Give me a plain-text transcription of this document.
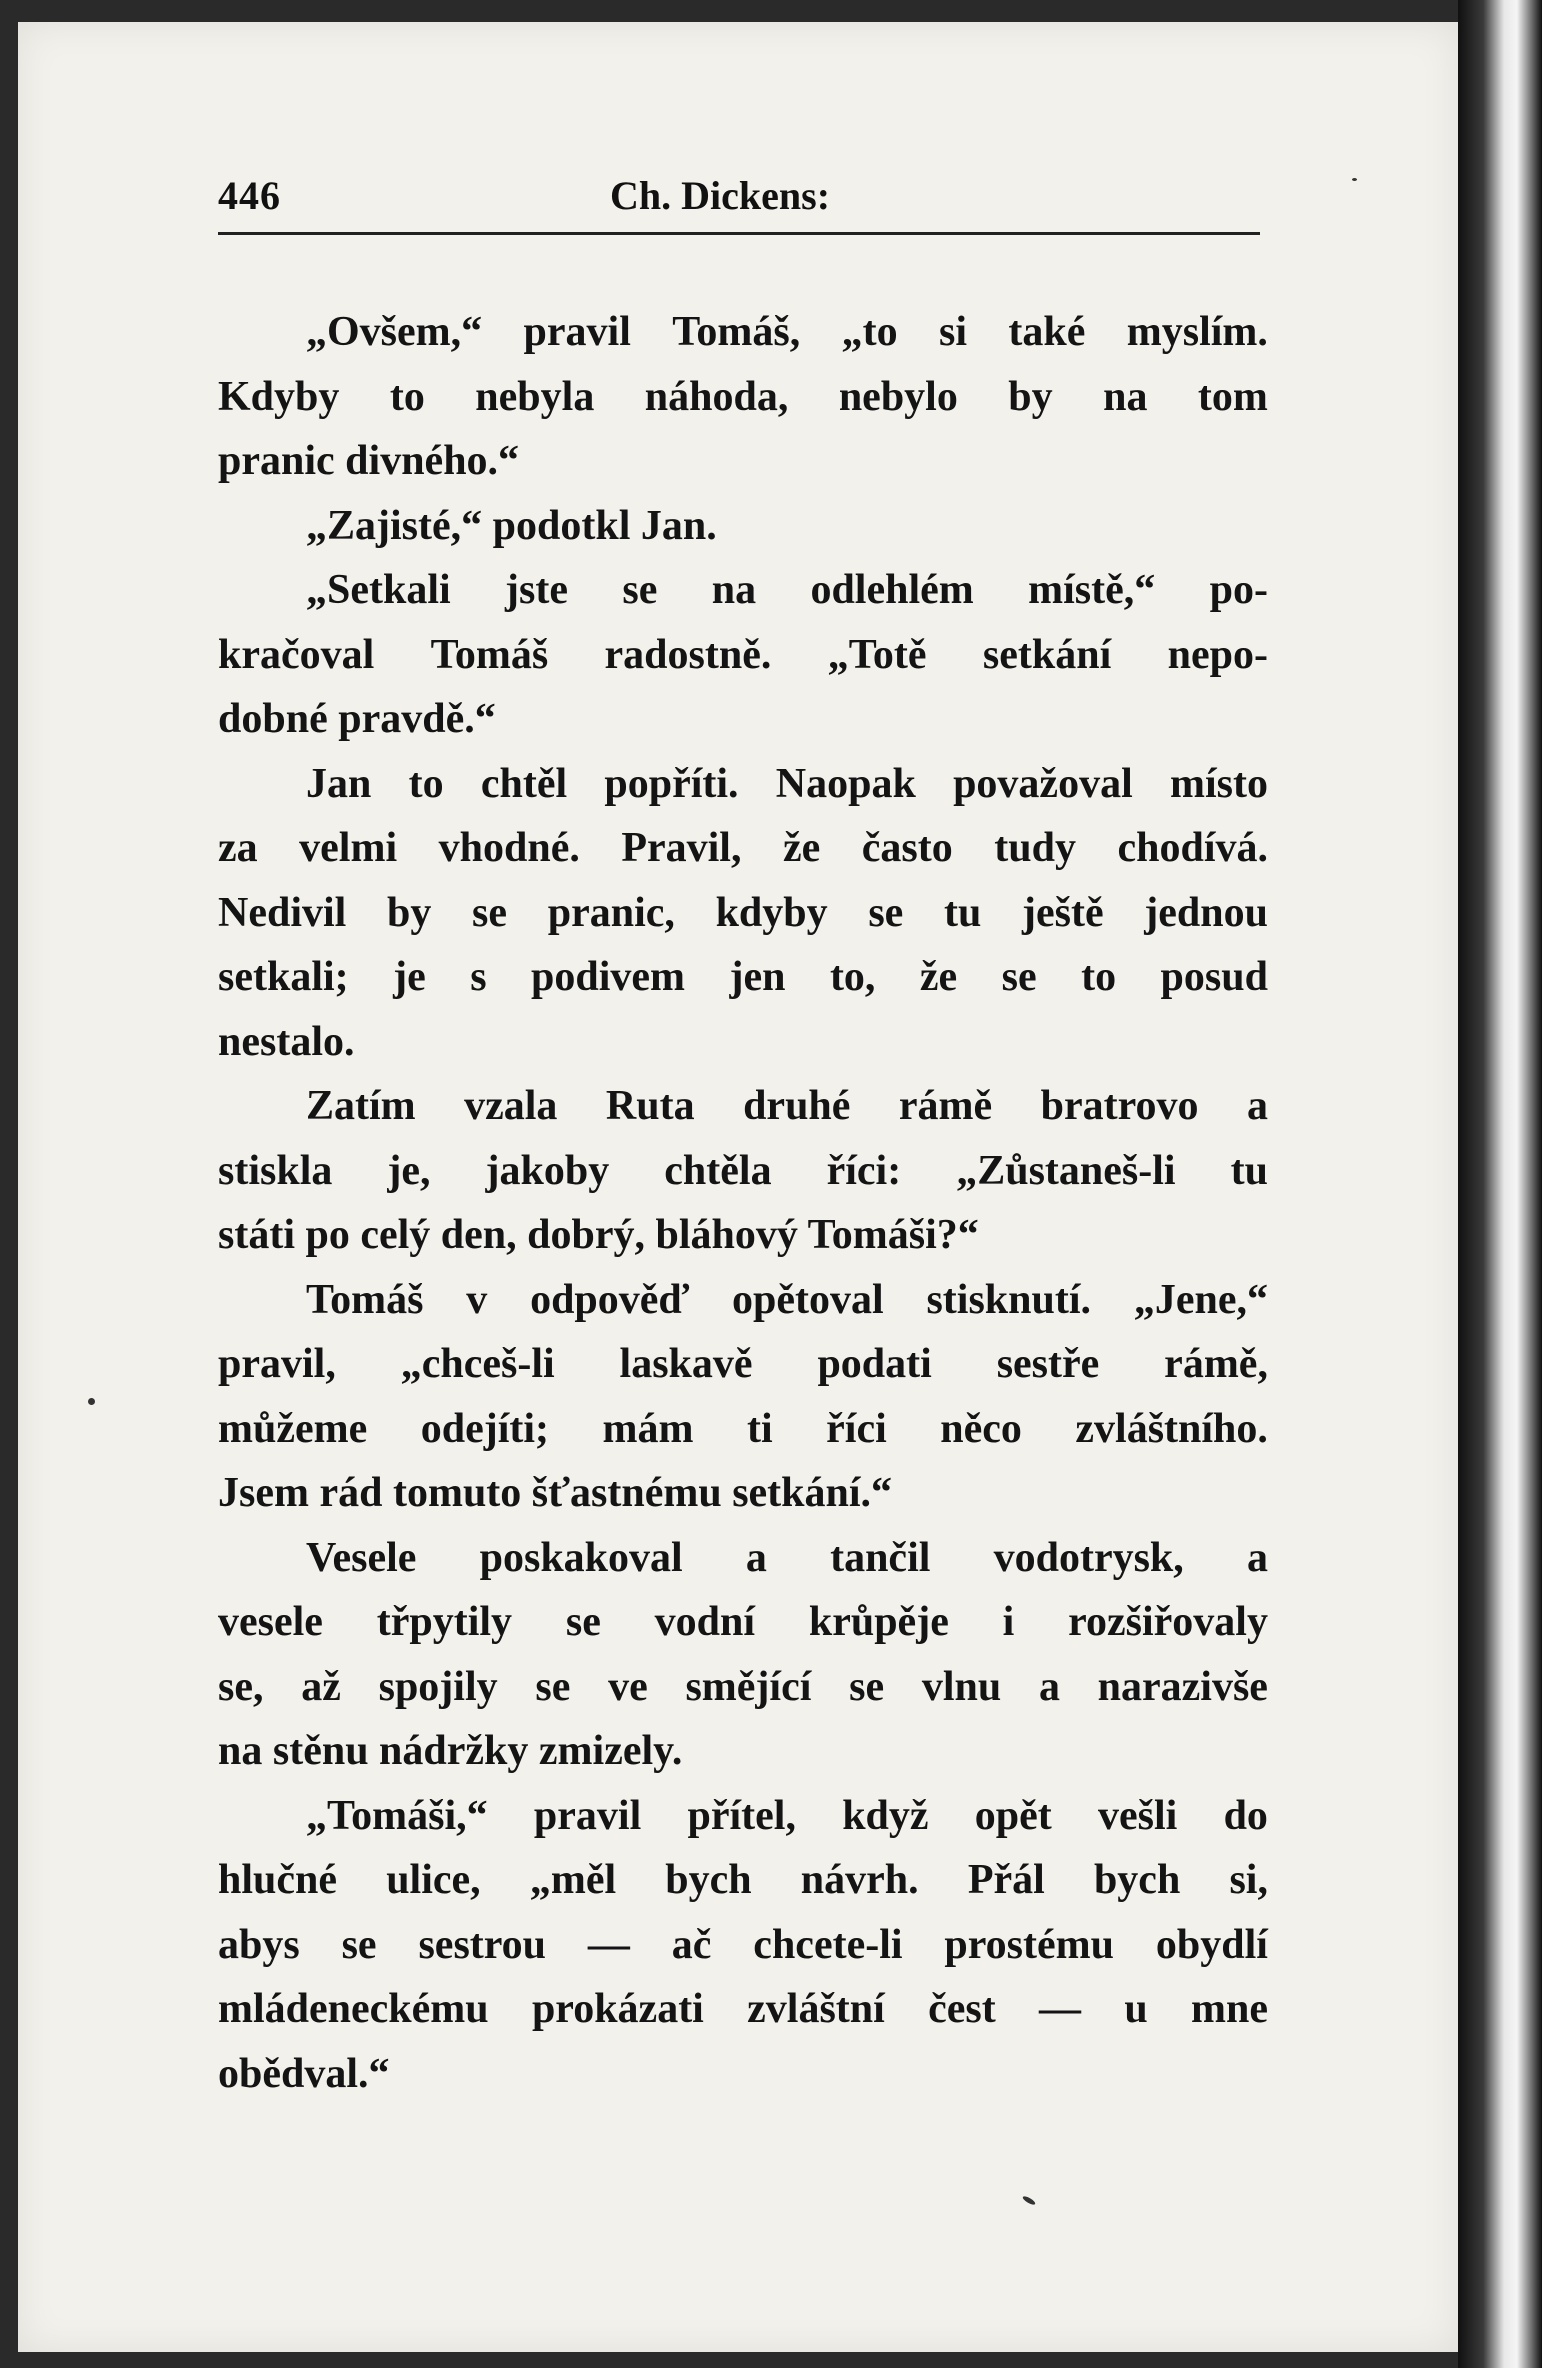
446	Ch. Dickens:
„Ovšem,“ pravil Tomáš, „to si také myslím.
Kdyby to nebyla náhoda, nebylo by na tom
pranic divného.“
„Zajisté,“ podotkl Jan.
„Setkali jste se na odlehlém místě,“ po-
kračoval Tomáš radostně. „Totě setkání nepo-
dobné pravdě.“
Jan to chtěl popříti. Naopak považoval místo
za velmi vhodné. Pravil, že často tudy chodívá.
Nedivil by se pranic, kdyby se tu ještě jednou
setkali; je s podivem jen to, že se to posud
nestalo.
Zatím vzala Ruta druhé rámě bratrovo a
stiskla je, jakoby chtěla říci: „Zůstaneš-li tu
státi po celý den, dobrý, bláhový Tomáši?“
Tomáš v odpověď opětoval stisknutí. „Jene,“
pravil, „chceš-li laskavě podati sestře rámě,
můžeme odejíti; mám ti říci něco zvláštního.
Jsem rád tomuto šťastnému setkání.“
Vesele poskakoval a tančil vodotrysk, a
vesele třpytily se vodní krůpěje i rozšiřovaly
se, až spojily se ve smějící se vlnu a narazivše
na stěnu nádržky zmizely.
„Tomáši,“ pravil přítel, když opět vešli do
hlučné ulice, „měl bych návrh. Přál bych si,
abys se sestrou — ač chcete-li prostému obydlí
mládeneckému prokázati zvláštní čest — u mne
obědval.“
